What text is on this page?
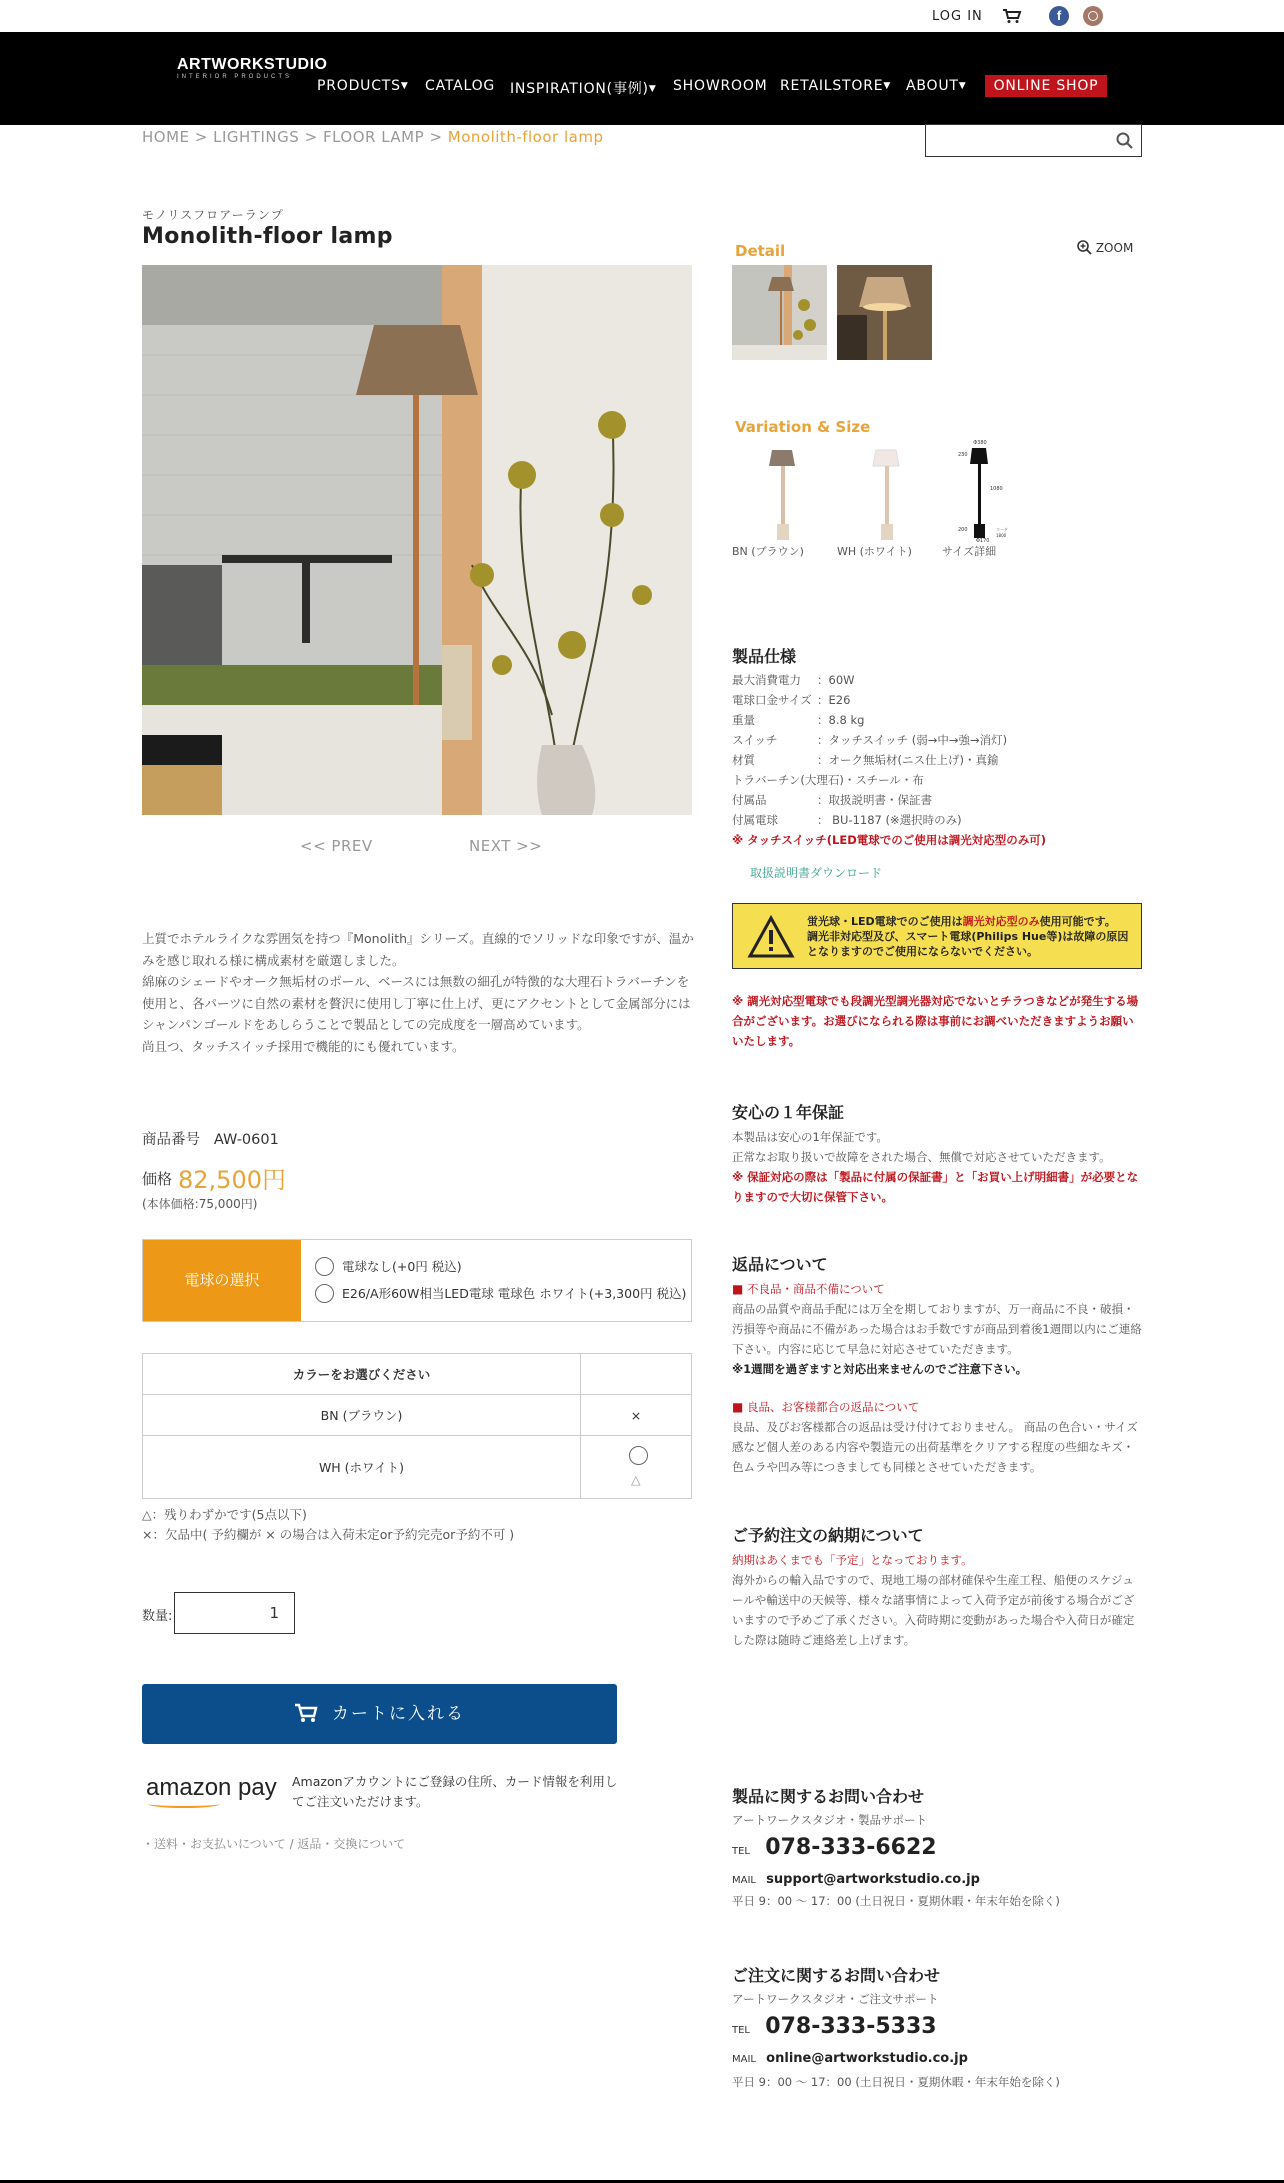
LOG IN	f
ARTWORKSTUDIO
INTERIOR PRODUCTS
PRODUCTS▼ CATALOG INSPIRATION(事例)▼ SHOWROOM RETAILSTORE▼ ABOUT▼	ONLINE SHOP
HOME > LIGHTINGS > FLOOR LAMP > Monolith-floor lamp
モノリスフロアーランプ
Monolith-floor lamp
<< PREV	NEXT >>

上質でホテルライクな雰囲気を持つ『Monolith』シリーズ。直線的でソリッドな印象ですが、温かみを感じ取れる様に構成素材を厳選しました。

綿麻のシェードやオーク無垢材のポール、ベースには無数の細孔が特徴的な大理石トラバーチンを使用と、各パーツに自然の素材を贅沢に使用し丁寧に仕上げ、更にアクセントとして金属部分にはシャンパンゴールドをあしらうことで製品としての完成度を一層高めています。

尚且つ、タッチスイッチ採用で機能的にも優れています。

商品番号 AW-0601
価格 82,500円
(本体価格:75,000円)
電球の選択
電球なし(+0円 税込)
E26/A形60W相当LED電球 電球色 ホワイト(+3,300円 税込)
カラーをお選びください	
BN (ブラウン)	×
WH (ホワイト)	△
△：残りわずかです(5点以下)
×：欠品中( 予約欄が × の場合は入荷未定or予約完売or予約不可 )
数量:	1
カートに入れる
amazon pay Amazonアカウントにご登録の住所、カード情報を利用してご注文いただけます。
・送料・お支払いについて / 返品・交換について
Detail	ZOOM
Variation & Size
Φ380
230
1080
200
Φ170
コード
1800
BN (ブラウン)	WH (ホワイト)	サイズ詳細
製品仕様
最大消費電力 ：60W
電球口金サイズ ：E26
重量	：8.8 kg
スイッチ	：タッチスイッチ (弱→中→強→消灯)
材質	：オーク無垢材(ニス仕上げ)・真鍮
トラバーチン(大理石)・スチール・布
付属品	：取扱説明書・保証書
付属電球	： BU-1187 (※選択時のみ)
※ タッチスイッチ(LED電球でのご使用は調光対応型のみ可)
取扱説明書ダウンロード
蛍光球・LED電球でのご使用は調光対応型のみ使用可能です。
調光非対応型及び、スマート電球(Philips Hue等)は故障の原因となりますのでご使用にならないでください。
※ 調光対応型電球でも段調光型調光器対応でないとチラつきなどが発生する場合がございます。お選びになられる際は事前にお調べいただきますようお願いいたします。
安心の１年保証
本製品は安心の1年保証です。
正常なお取り扱いで故障をされた場合、無償で対応させていただきます。
※ 保証対応の際は「製品に付属の保証書」と「お買い上げ明細書」が必要となりますので大切に保管下さい。
返品について
■ 不良品・商品不備について
商品の品質や商品手配には万全を期しておりますが、万一商品に不良・破損・汚損等や商品に不備があった場合はお手数ですが商品到着後1週間以内にご連絡下さい。内容に応じて早急に対応させていただきます。
※1週間を過ぎますと対応出来ませんのでご注意下さい。
■ 良品、お客様都合の返品について
良品、及びお客様都合の返品は受け付けておりません。 商品の色合い・サイズ感など個人差のある内容や製造元の出荷基準をクリアする程度の些細なキズ・色ムラや凹み等につきましても同様とさせていただきます。
ご予約注文の納期について
納期はあくまでも「予定」となっております。
海外からの輸入品ですので、現地工場の部材確保や生産工程、船便のスケジュールや輸送中の天候等、様々な諸事情によって入荷予定が前後する場合がございますので予めご了承ください。入荷時期に変動があった場合や入荷日が確定した際は随時ご連絡差し上げます。
製品に関するお問い合わせ
アートワークスタジオ・製品サポート
TEL 078-333-6622
MAIL support@artworkstudio.co.jp
平日 9：00 〜 17：00 (土日祝日・夏期休暇・年末年始を除く)
ご注文に関するお問い合わせ
アートワークスタジオ・ご注文サポート
TEL 078-333-5333
MAIL online@artworkstudio.co.jp
平日 9：00 〜 17：00 (土日祝日・夏期休暇・年末年始を除く)
